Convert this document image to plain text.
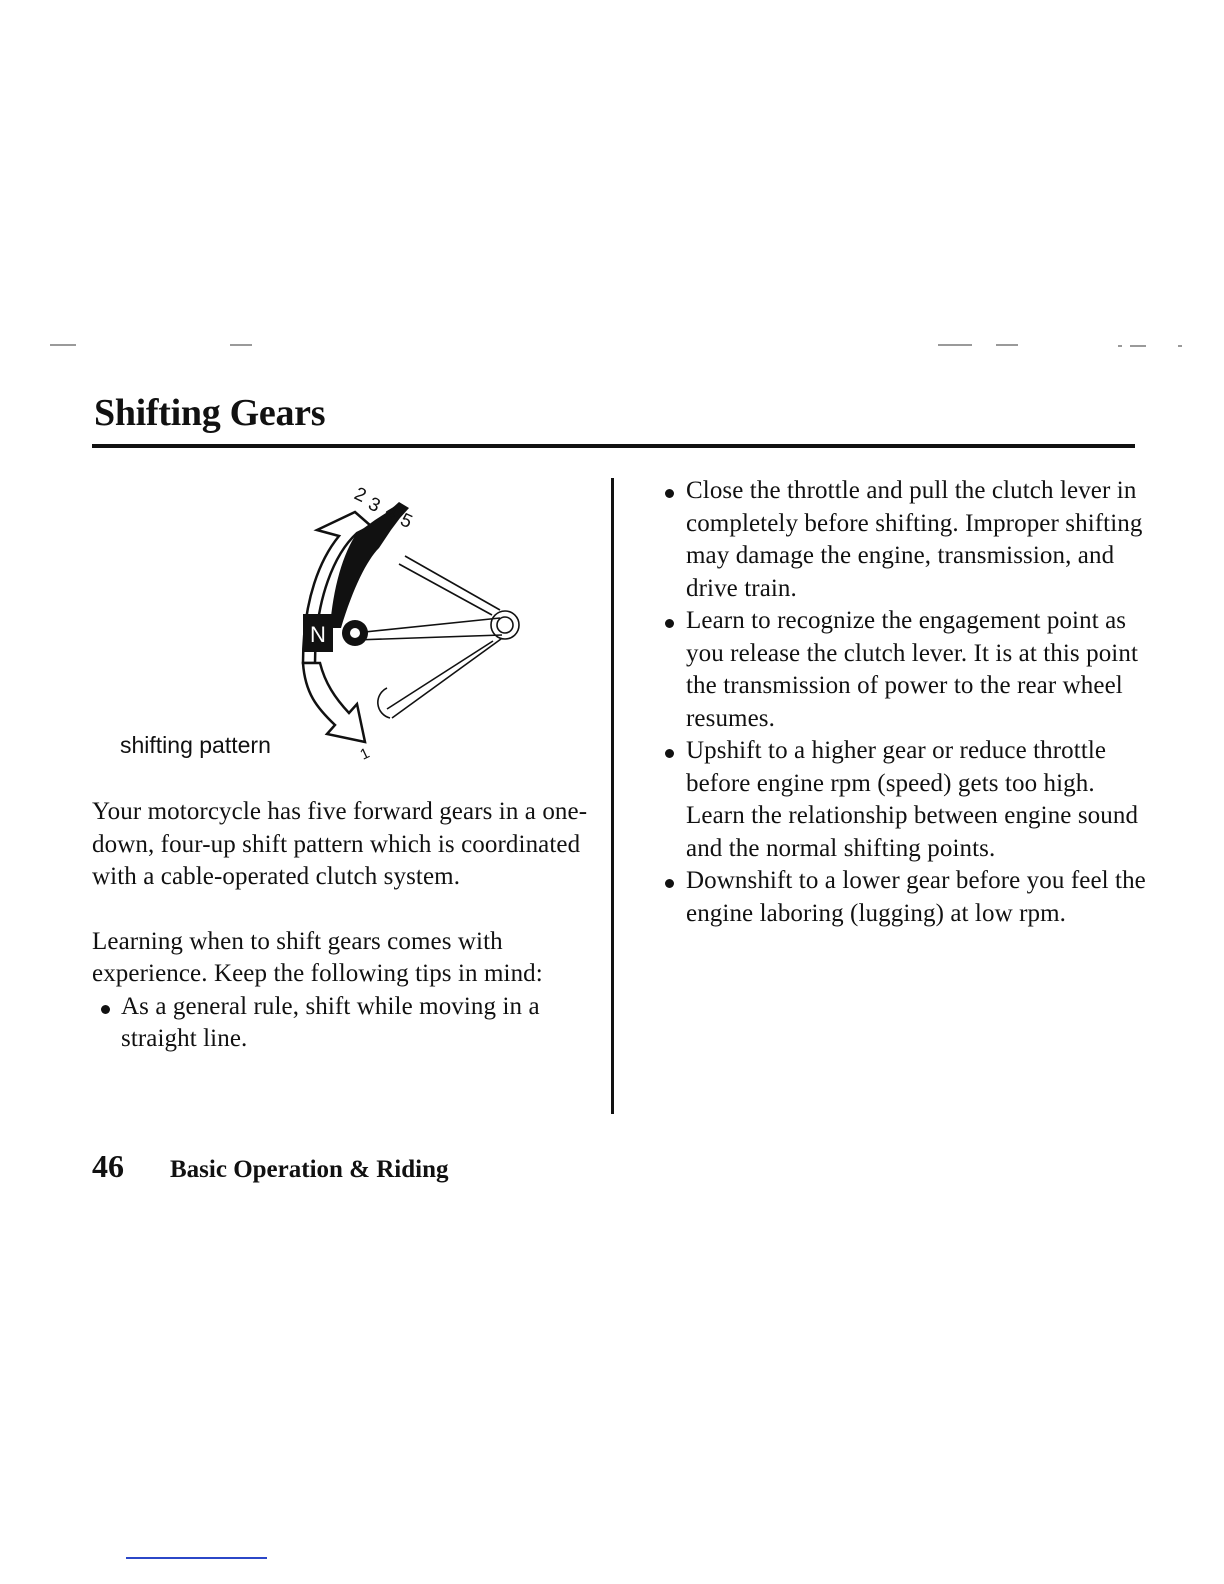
Shifting Gears
N
2
3
4
5
1
shifting pattern

Your motorcycle has five forward gears in a one-down, four-up shift pattern which is coordinated with a cable-operated clutch system.

Learning when to shift gears comes with experience. Keep the following tips in mind:

As a general rule, shift while moving in a straight line.
Close the throttle and pull the clutch lever in completely before shifting. Improper shifting may damage the engine, transmission, and drive train.
Learn to recognize the engagement point as you release the clutch lever. It is at this point the transmission of power to the rear wheel resumes.
Upshift to a higher gear or reduce throttle before engine rpm (speed) gets too high. Learn the relationship between engine sound and the normal shifting points.
Downshift to a lower gear before you feel the engine laboring (lugging) at low rpm.
46 Basic Operation & Riding
